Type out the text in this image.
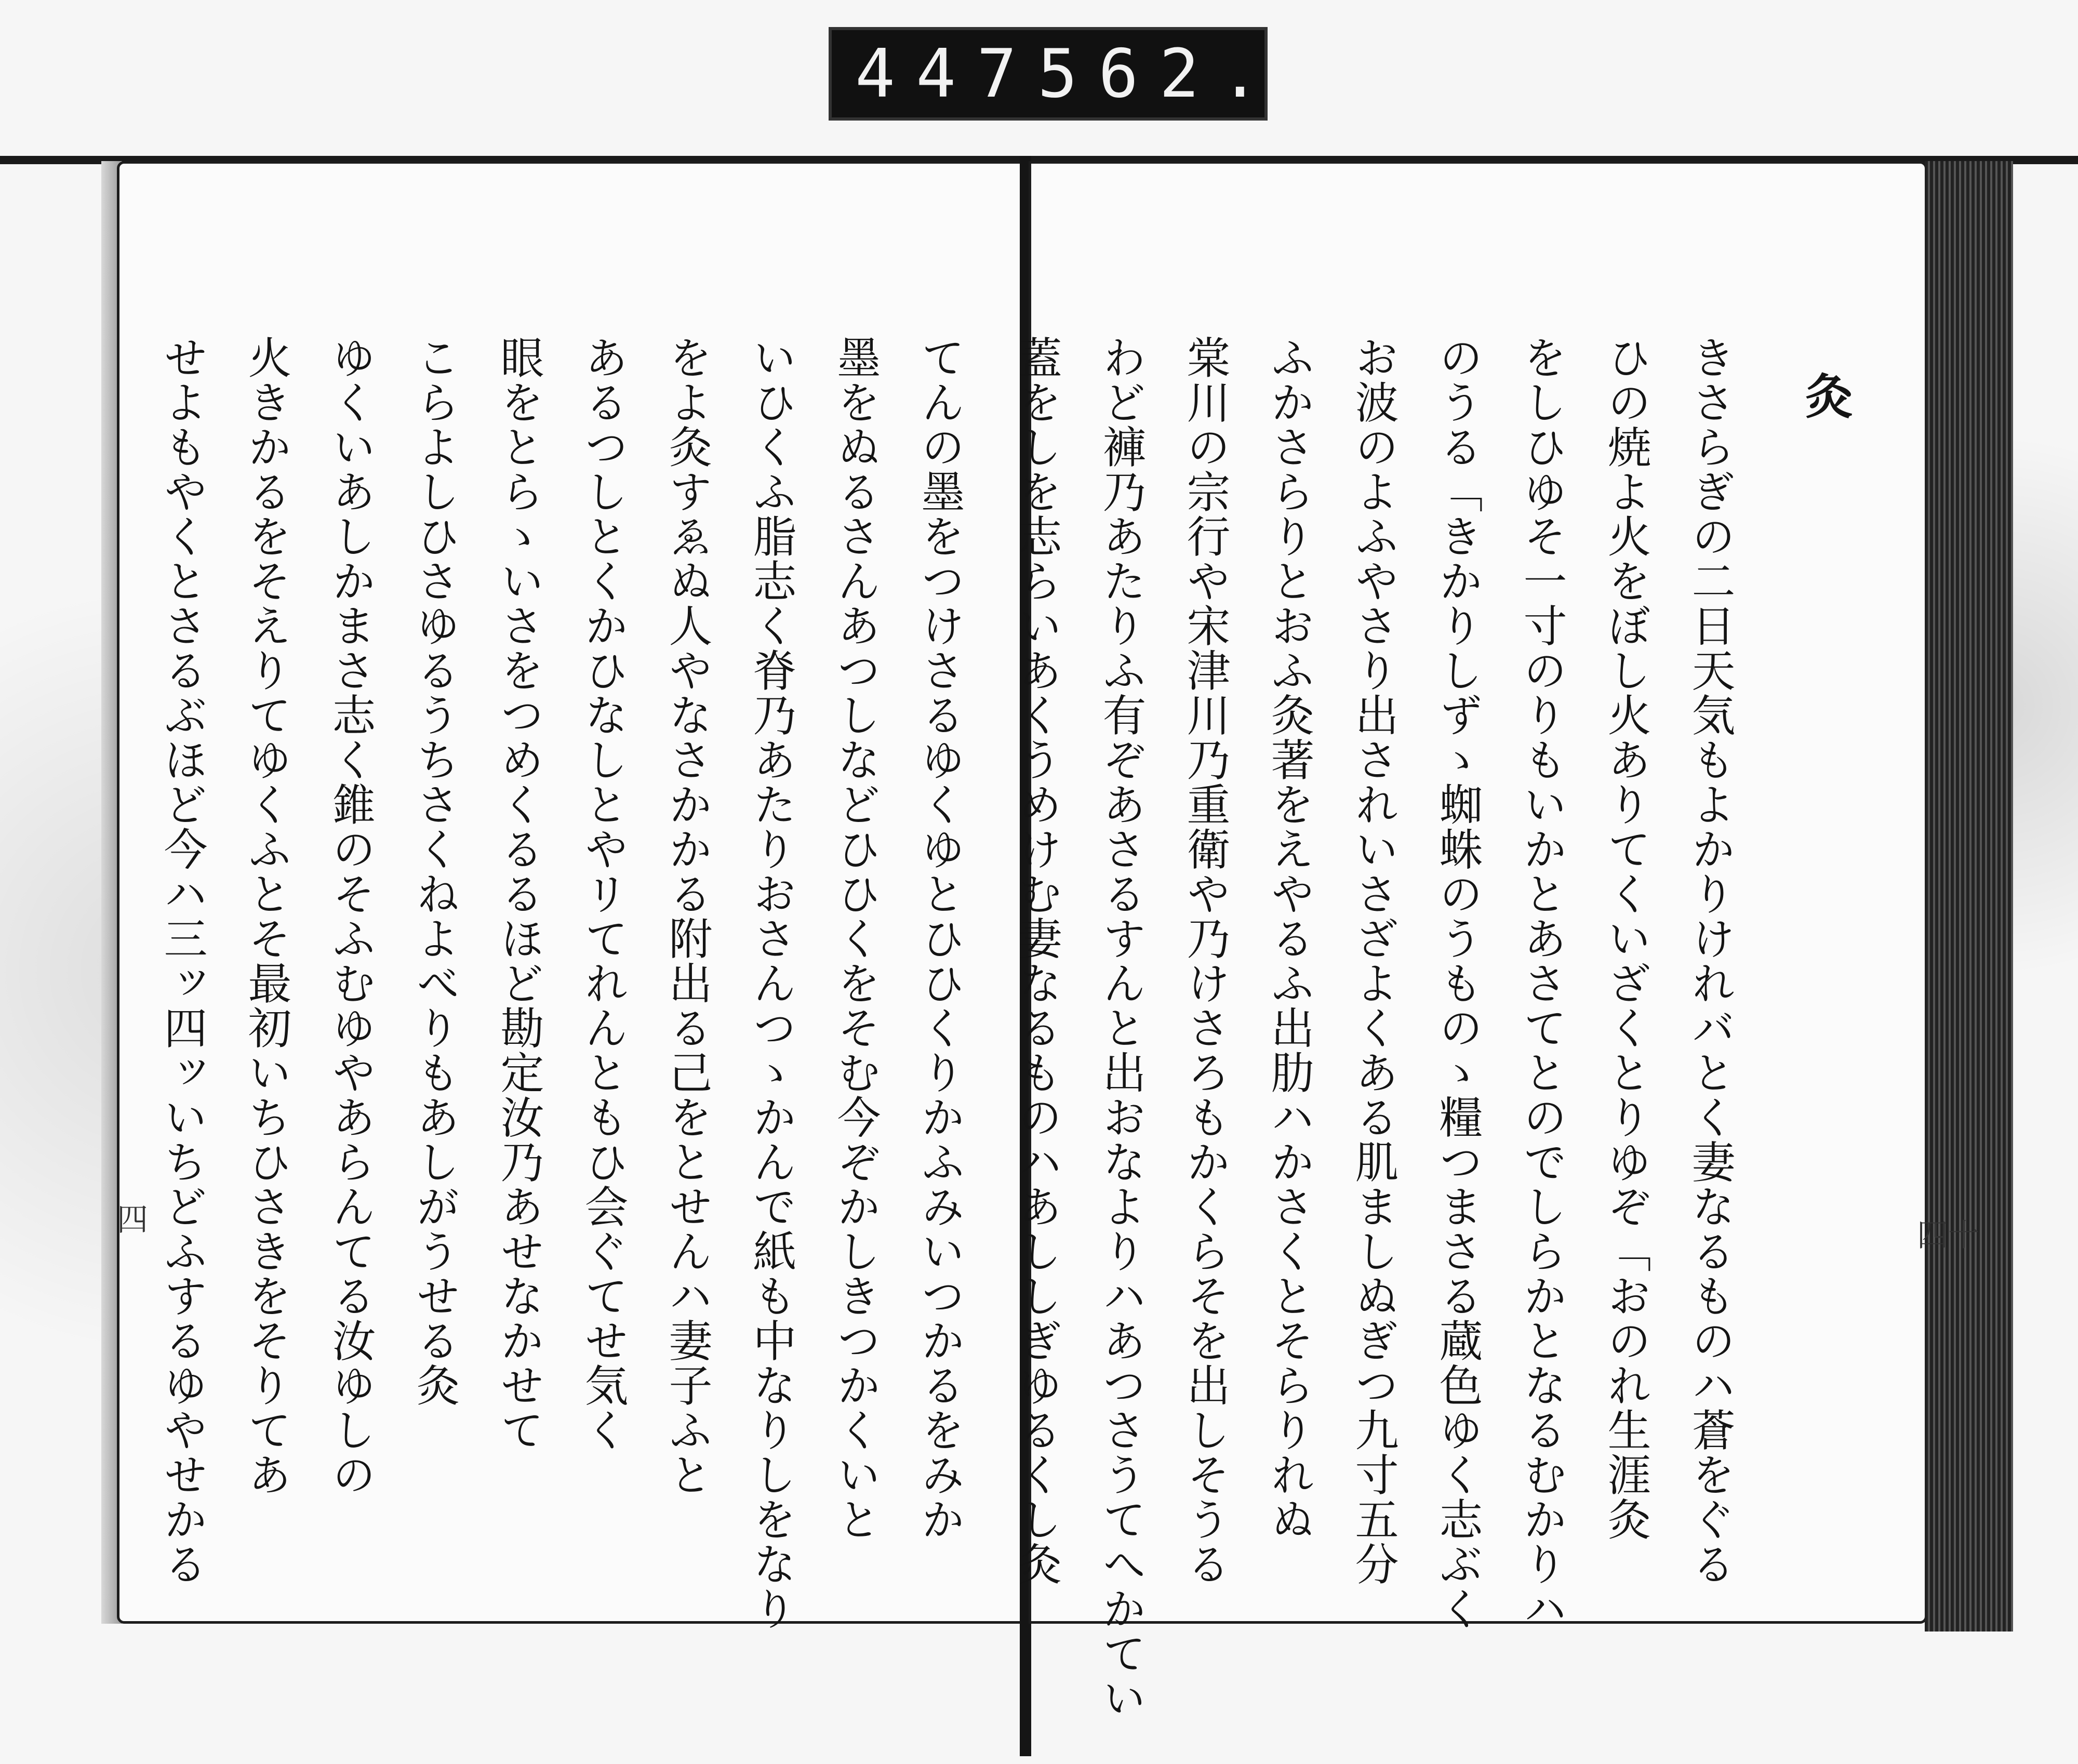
447 562.
てんの墨をつけさるゆくゆとひひくりかふみいつかるをみか
墨をぬるさんあつしなどひひくをそむ今ぞかしきつかくいと
いひくふ脂志く脊乃あたりおさんつゝかんで紙も中なりしをなり
をよ灸すゑぬ人やなさかかる附出る己をとせんハ妻子ふと
あるつしとくかひなしとやリてれんともひ会ぐてせ気く
眼をとらゝいさをつめくるるほど勘定汝乃あせなかせて
こらよしひさゆるうちさくねよべりもあしがうせる灸
ゆくいあしかまさ志く錐のそふむゆやあらんてる汝ゆしの
火きかるをそえりてゆくふとそ最初いちひさきをそりてあ
せよもやくとさるぶほど今ハ三ッ四ッいちどふするゆやせかる	灸
きさらぎの二日天気もよかりけれバとく妻なるものハ蒼をぐる
ひの焼よ火をぼし火ありてくいざくとりゆぞ「おのれ生涯灸
をしひゆそ一寸のりもいかとあさてとのでしらかとなるむかりハ
のうる「きかりしずゝ蜘蛛のうものゝ糧つまさる蔵色ゆく志ぶく
お波のよふやさり出されいさざよくある肌ましぬぎつ九寸五分
ふかさらりとおふ灸著をえやるふ出肋ハかさくとそらりれぬ
棠川の宗行や宋津川乃重衛や乃けさろもかくらそを出しそうる
わど褲乃あたりふ有ぞあさるすんと出おなよりハあつさうてへかてい
蓋をしを志らいあくうめけむ妻なるものハあししぎゆるくし灸
四	四十
